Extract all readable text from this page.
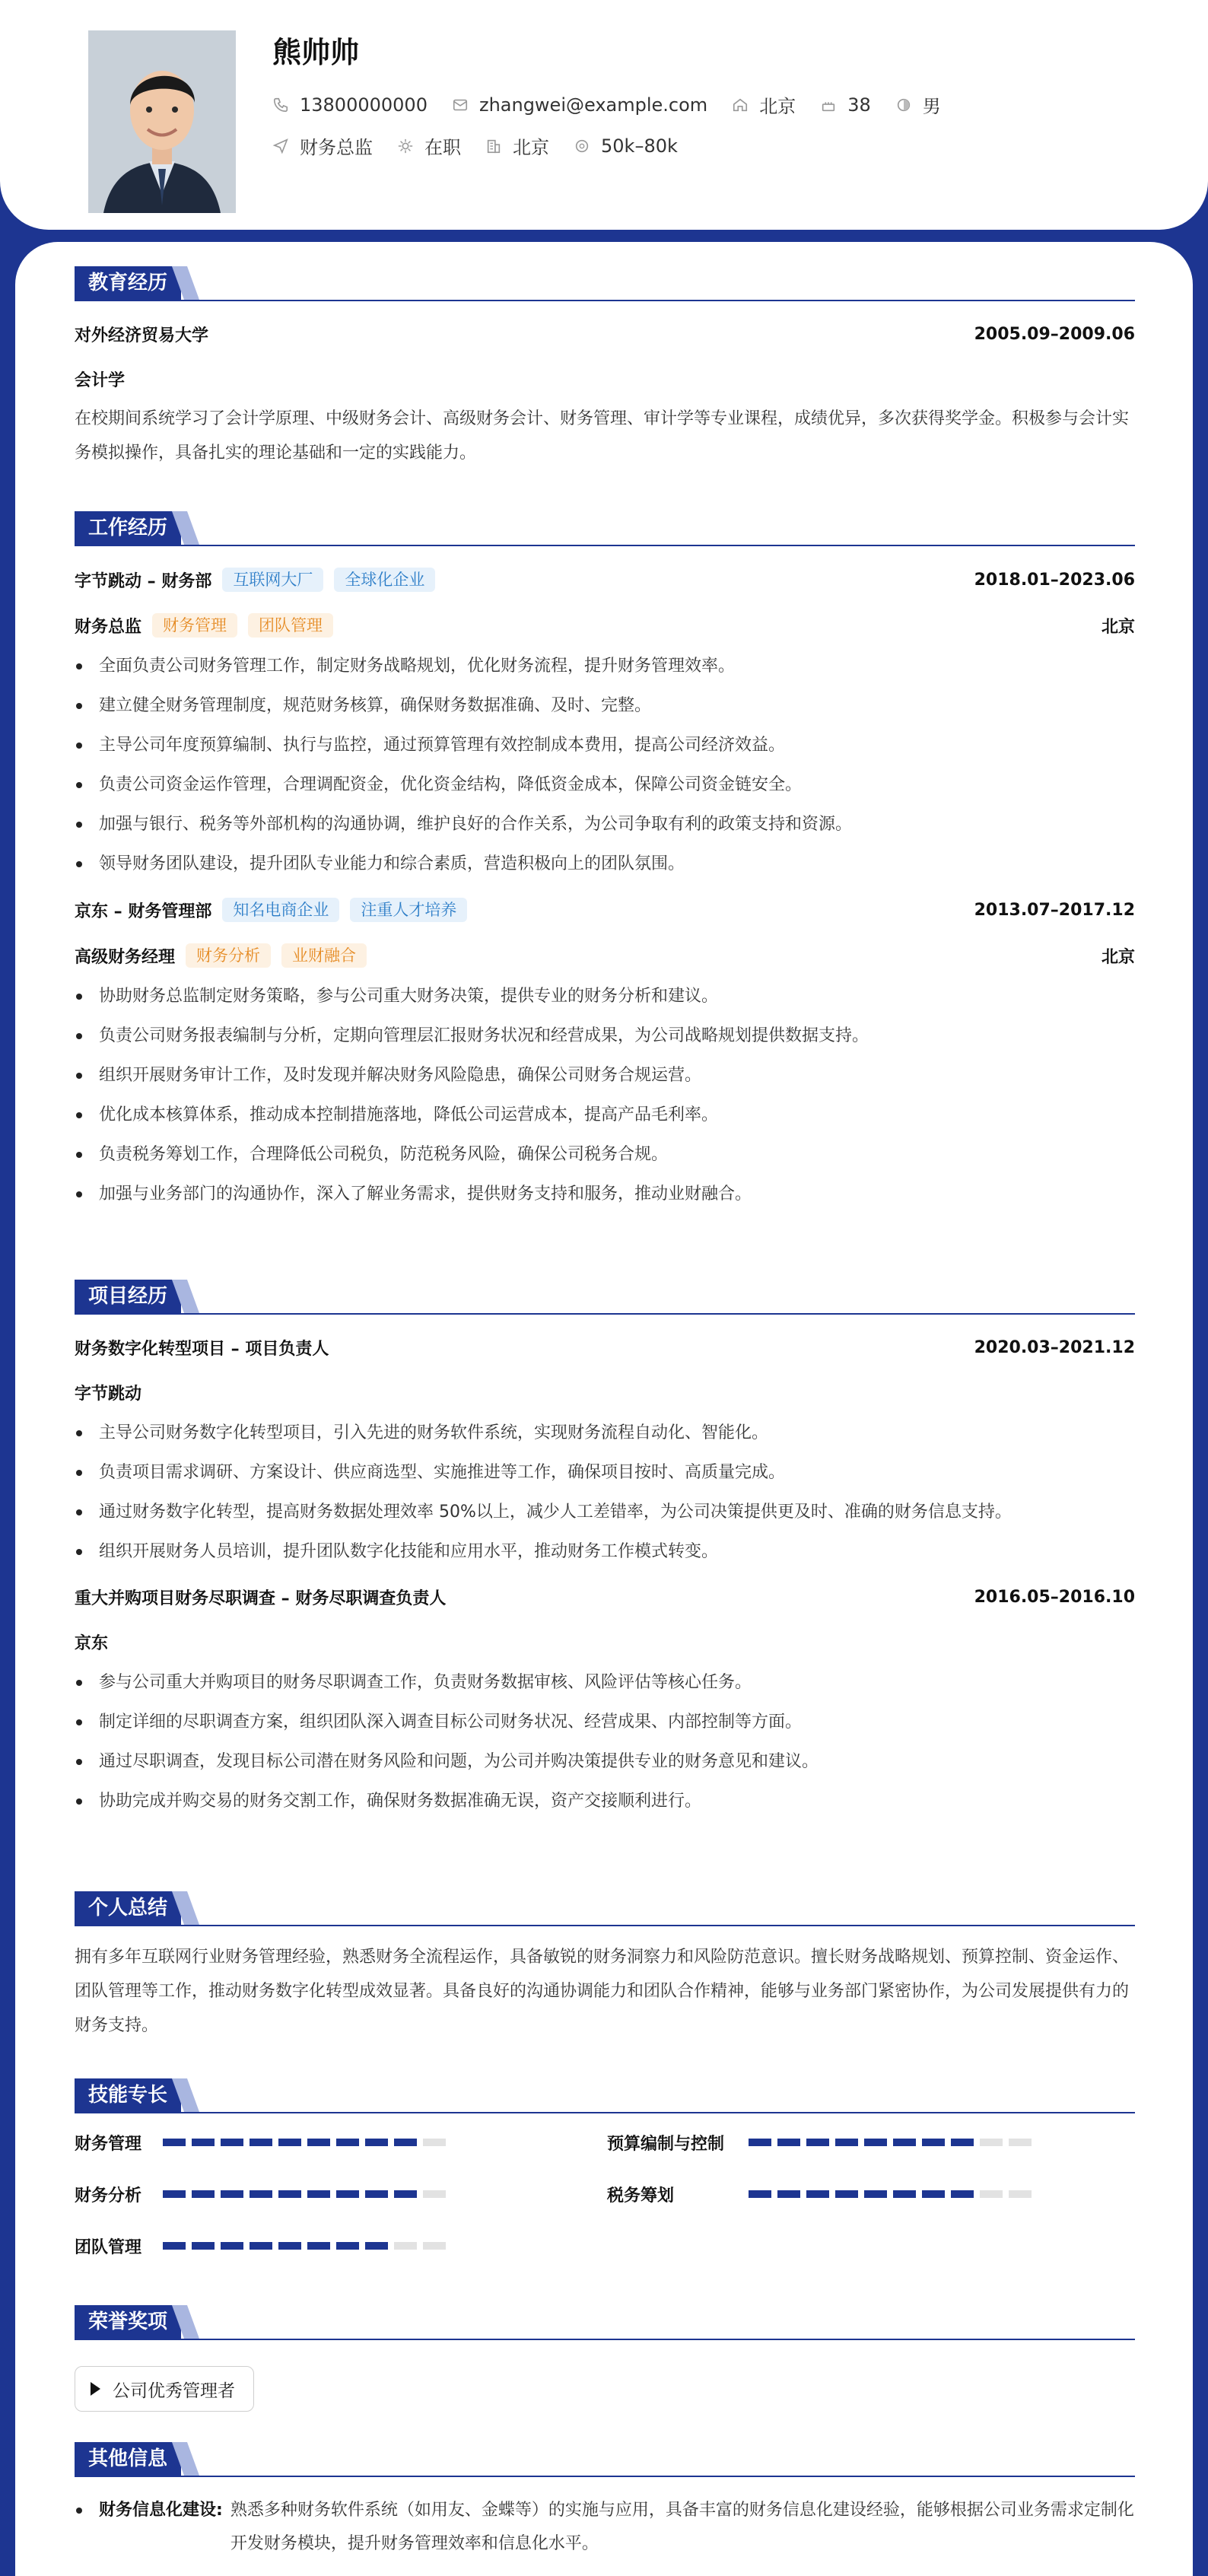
熊帅帅
13800000000	zhangwei@example.com	北京	38	男
财务总监	在职	北京	50k–80k
教育经历
对外经济贸易大学	2005.09–2009.06
会计学
在校期间系统学习了会计学原理、中级财务会计、高级财务会计、财务管理、审计学等专业课程，成绩优异，多次获得奖学金。积极参与会计实务模拟操作，具备扎实的理论基础和一定的实践能力。
工作经历
字节跳动 – 财务部	互联网大厂	全球化企业	2018.01–2023.06
财务总监	财务管理	团队管理	北京
全面负责公司财务管理工作，制定财务战略规划，优化财务流程，提升财务管理效率。
建立健全财务管理制度，规范财务核算，确保财务数据准确、及时、完整。
主导公司年度预算编制、执行与监控，通过预算管理有效控制成本费用，提高公司经济效益。
负责公司资金运作管理，合理调配资金，优化资金结构，降低资金成本，保障公司资金链安全。
加强与银行、税务等外部机构的沟通协调，维护良好的合作关系，为公司争取有利的政策支持和资源。
领导财务团队建设，提升团队专业能力和综合素质，营造积极向上的团队氛围。
京东 – 财务管理部	知名电商企业	注重人才培养	2013.07–2017.12
高级财务经理	财务分析	业财融合	北京
协助财务总监制定财务策略，参与公司重大财务决策，提供专业的财务分析和建议。
负责公司财务报表编制与分析，定期向管理层汇报财务状况和经营成果，为公司战略规划提供数据支持。
组织开展财务审计工作，及时发现并解决财务风险隐患，确保公司财务合规运营。
优化成本核算体系，推动成本控制措施落地，降低公司运营成本，提高产品毛利率。
负责税务筹划工作，合理降低公司税负，防范税务风险，确保公司税务合规。
加强与业务部门的沟通协作，深入了解业务需求，提供财务支持和服务，推动业财融合。
项目经历
财务数字化转型项目 – 项目负责人	2020.03–2021.12
字节跳动
主导公司财务数字化转型项目，引入先进的财务软件系统，实现财务流程自动化、智能化。
负责项目需求调研、方案设计、供应商选型、实施推进等工作，确保项目按时、高质量完成。
通过财务数字化转型，提高财务数据处理效率 50%以上，减少人工差错率，为公司决策提供更及时、准确的财务信息支持。
组织开展财务人员培训，提升团队数字化技能和应用水平，推动财务工作模式转变。
重大并购项目财务尽职调查 – 财务尽职调查负责人	2016.05–2016.10
京东
参与公司重大并购项目的财务尽职调查工作，负责财务数据审核、风险评估等核心任务。
制定详细的尽职调查方案，组织团队深入调查目标公司财务状况、经营成果、内部控制等方面。
通过尽职调查，发现目标公司潜在财务风险和问题，为公司并购决策提供专业的财务意见和建议。
协助完成并购交易的财务交割工作，确保财务数据准确无误，资产交接顺利进行。
个人总结
拥有多年互联网行业财务管理经验，熟悉财务全流程运作，具备敏锐的财务洞察力和风险防范意识。擅长财务战略规划、预算控制、资金运作、团队管理等工作，推动财务数字化转型成效显著。具备良好的沟通协调能力和团队合作精神，能够与业务部门紧密协作，为公司发展提供有力的财务支持。
技能专长
财务管理	预算编制与控制
财务分析	税务筹划
团队管理
荣誉奖项
公司优秀管理者
其他信息
财务信息化建设: 熟悉多种财务软件系统（如用友、金蝶等）的实施与应用，具备丰富的财务信息化建设经验，能够根据公司业务需求定制化开发财务模块，提升财务管理效率和信息化水平。
